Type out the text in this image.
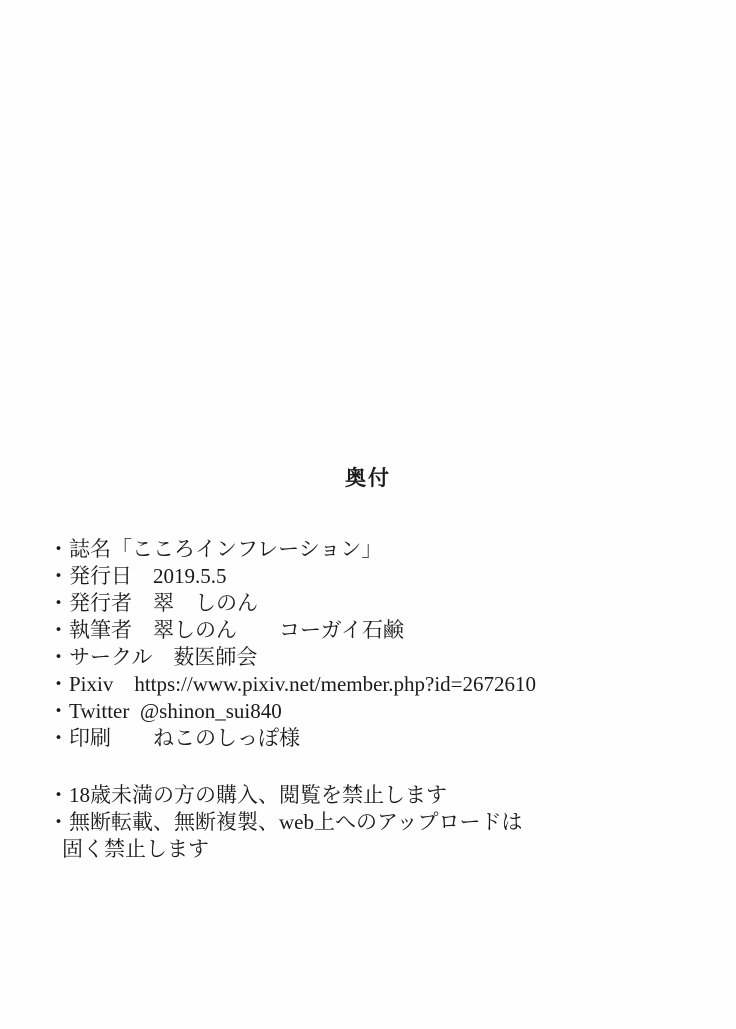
奥付
・誌名「こころインフレーション」
・発行日　2019.5.5
・発行者　翠　しのん
・執筆者　翠しのん　　コーガイ石鹸
・サークル　薮医師会
・Pixiv　https://www.pixiv.net/member.php?id=2672610
・Twitter  @shinon_sui840
・印刷　　ねこのしっぽ様
・18歳未満の方の購入、閲覧を禁止します
・無断転載、無断複製、web上へのアップロードは
固く禁止します
